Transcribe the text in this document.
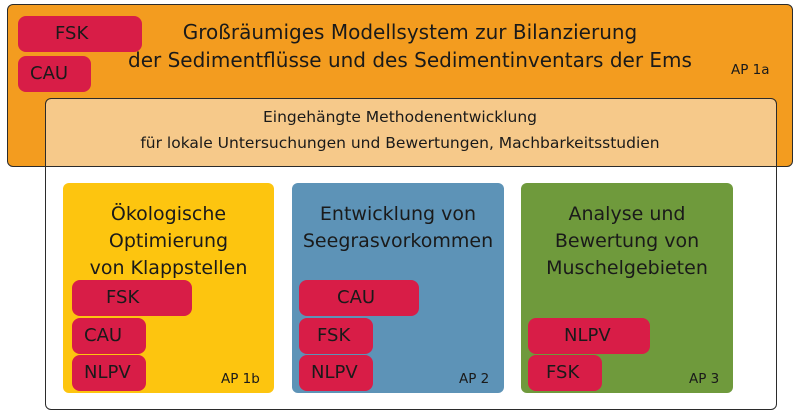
FSK
CAU
Großräumiges Modellsystem zur Bilanzierung
der Sedimentflüsse und des Sedimentinventars der Ems	AP 1a
Eingehängte Methodenentwicklung
für lokale Untersuchungen und Bewertungen, Machbarkeitsstudien
Ökologische
Optimierung
von Klappstellen
FSK
CAU
NLPV	AP 1b
Entwicklung von
Seegrasvorkommen
CAU
FSK
NLPV	AP 2
Analyse und
Bewertung von
Muschelgebieten
NLPV
FSK	AP 3
